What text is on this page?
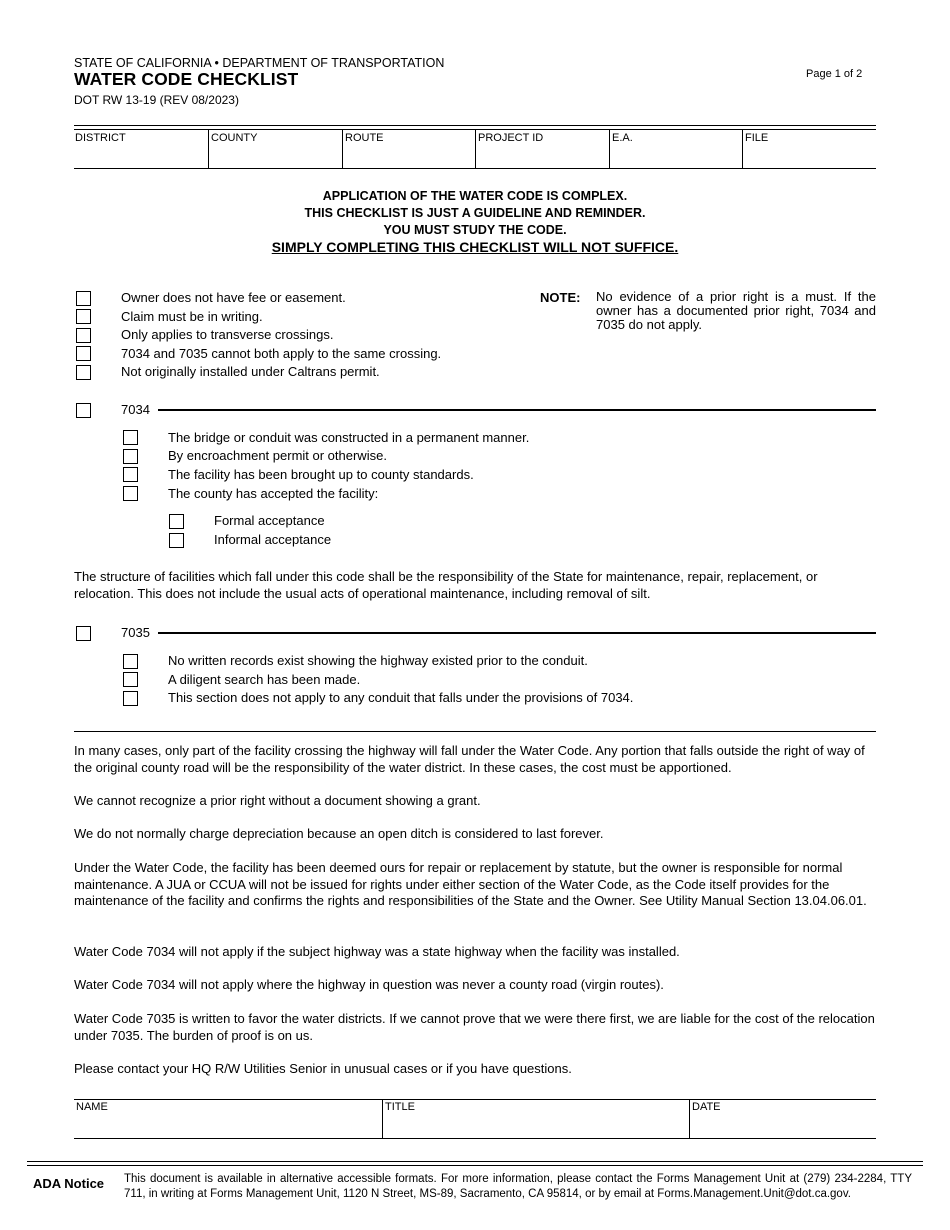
STATE OF CALIFORNIA • DEPARTMENT OF TRANSPORTATION
WATER CODE CHECKLIST
DOT RW 13-19 (REV 08/2023)
Page 1 of 2
DISTRICT	COUNTY	ROUTE	PROJECT ID	E.A.	FILE
APPLICATION OF THE WATER CODE IS COMPLEX.
THIS CHECKLIST IS JUST A GUIDELINE AND REMINDER.
YOU MUST STUDY THE CODE.
SIMPLY COMPLETING THIS CHECKLIST WILL NOT SUFFICE.
Owner does not have fee or easement.
Claim must be in writing.
Only applies to transverse crossings.
7034 and 7035 cannot both apply to the same crossing.
Not originally installed under Caltrans permit.
NOTE: No evidence of a prior right is a must. If the owner has a documented prior right, 7034 and 7035 do not apply.
7034
The bridge or conduit was constructed in a permanent manner.
By encroachment permit or otherwise.
The facility has been brought up to county standards.
The county has accepted the facility:
Formal acceptance
Informal acceptance
The structure of facilities which fall under this code shall be the responsibility of the State for maintenance, repair, replacement, or relocation. This does not include the usual acts of operational maintenance, including removal of silt.
7035
No written records exist showing the highway existed prior to the conduit.
A diligent search has been made.
This section does not apply to any conduit that falls under the provisions of 7034.
In many cases, only part of the facility crossing the highway will fall under the Water Code. Any portion that falls outside the right of way of the original county road will be the responsibility of the water district. In these cases, the cost must be apportioned.
We cannot recognize a prior right without a document showing a grant.
We do not normally charge depreciation because an open ditch is considered to last forever.
Under the Water Code, the facility has been deemed ours for repair or replacement by statute, but the owner is responsible for normal maintenance. A JUA or CCUA will not be issued for rights under either section of the Water Code, as the Code itself provides for the maintenance of the facility and confirms the rights and responsibilities of the State and the Owner. See Utility Manual Section 13.04.06.01.
Water Code 7034 will not apply if the subject highway was a state highway when the facility was installed.
Water Code 7034 will not apply where the highway in question was never a county road (virgin routes).
Water Code 7035 is written to favor the water districts. If we cannot prove that we were there first, we are liable for the cost of the relocation under 7035. The burden of proof is on us.
Please contact your HQ R/W Utilities Senior in unusual cases or if you have questions.
NAME	TITLE	DATE
ADA Notice This document is available in alternative accessible formats. For more information, please contact the Forms Management Unit at (279) 234-2284, TTY 711, in writing at Forms Management Unit, 1120 N Street, MS-89, Sacramento, CA 95814, or by email at Forms.Management.Unit@dot.ca.gov.
